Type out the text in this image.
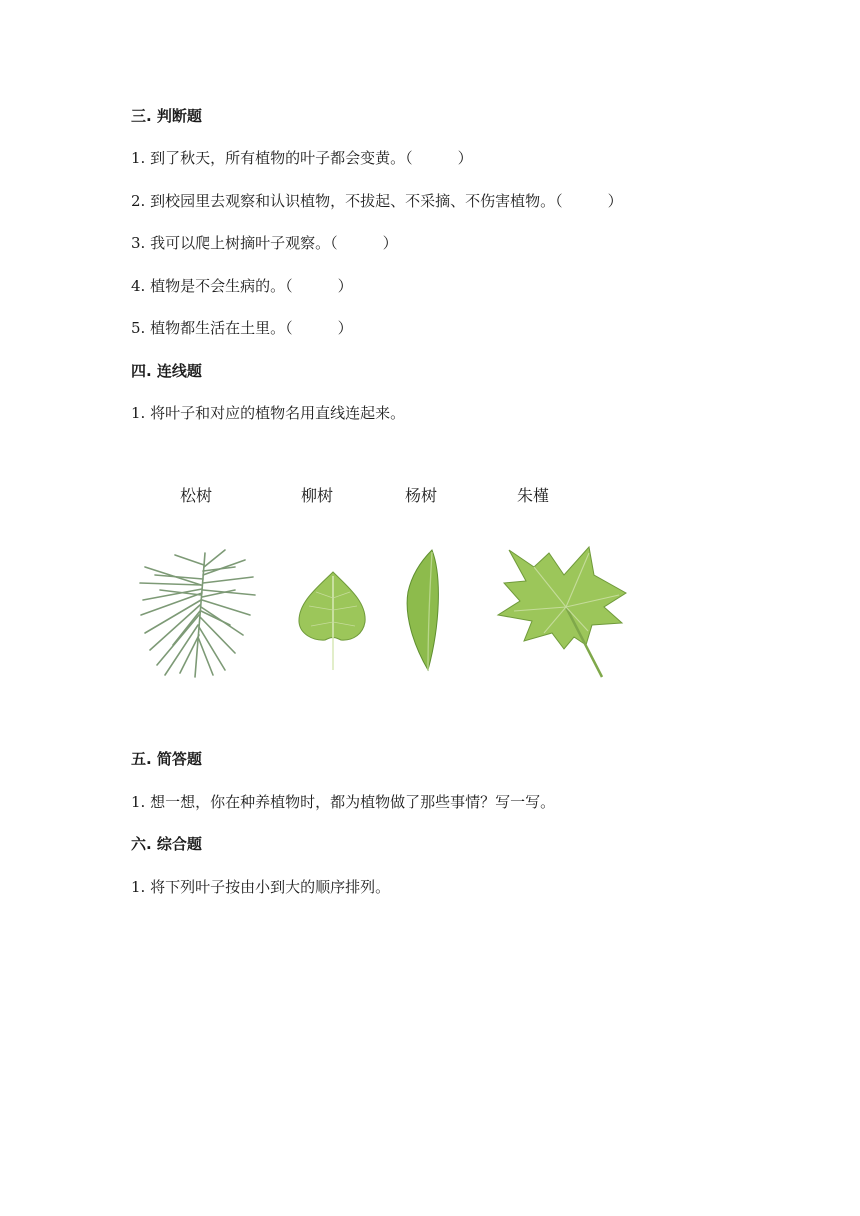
三. 判断题
1. 到了秋天，所有植物的叶子都会变黄。（　　　）
2. 到校园里去观察和认识植物，不拔起、不采摘、不伤害植物。（　　　）
3. 我可以爬上树摘叶子观察。（　　　）
4. 植物是不会生病的。（　　　）
5. 植物都生活在土里。（　　　）
四. 连线题
1. 将叶子和对应的植物名用直线连起来。
松树	柳树	杨树	朱槿
五. 简答题
1. 想一想，你在种养植物时，都为植物做了那些事情？写一写。
六. 综合题
1. 将下列叶子按由小到大的顺序排列。
